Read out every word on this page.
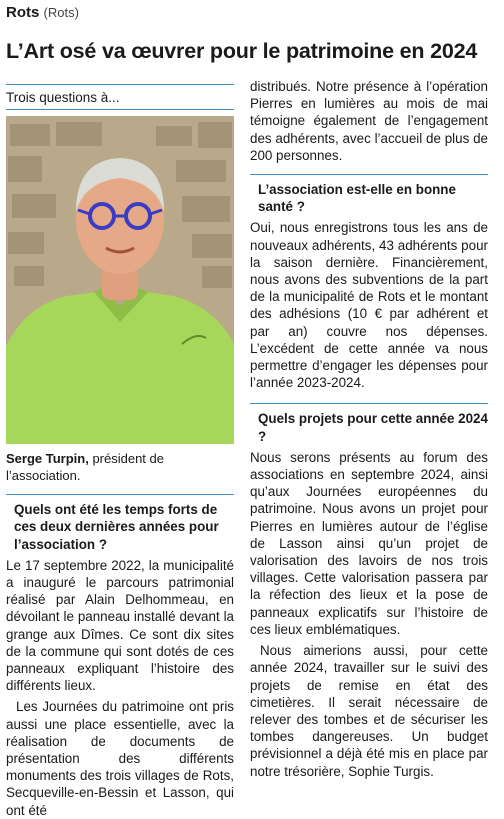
Rots (Rots)
L’Art osé va œuvrer pour le patrimoine en 2024
Trois questions à...
Serge Turpin, président de l’association.
Quels ont été les temps forts de ces deux dernières années pour l’association ?

Le 17 septembre 2022, la municipalité a inauguré le parcours patrimonial réalisé par Alain Delhommeau, en dévoilant le panneau installé devant la grange aux Dîmes. Ce sont dix sites de la commune qui sont dotés de ces panneaux expliquant l’histoire des différents lieux.

Les Journées du patrimoine ont pris aussi une place essentielle, avec la réalisation de documents de présentation des différents monuments des trois villages de Rots, Secqueville-en-Bessin et Lasson, qui ont été

distribués. Notre présence à l’opération Pierres en lumières au mois de mai témoigne également de l’engagement des adhérents, avec l’accueil de plus de 200 personnes.

L’association est-elle en bonne santé ?

Oui, nous enregistrons tous les ans de nouveaux adhérents, 43 adhérents pour la saison dernière. Financièrement, nous avons des subventions de la part de la municipalité de Rots et le montant des adhésions (10 € par adhérent et par an) couvre nos dépenses. L’excédent de cette année va nous permettre d’engager les dépenses pour l’année 2023-2024.

Quels projets pour cette année 2024 ?

Nous serons présents au forum des associations en septembre 2024, ainsi qu’aux Journées européennes du patrimoine. Nous avons un projet pour Pierres en lumières autour de l’église de Lasson ainsi qu’un projet de valorisation des lavoirs de nos trois villages. Cette valorisation passera par la réfection des lieux et la pose de panneaux explicatifs sur l’histoire de ces lieux emblématiques.

Nous aimerions aussi, pour cette année 2024, travailler sur le suivi des projets de remise en état des cimetières. Il serait nécessaire de relever des tombes et de sécuriser les tombes dangereuses. Un budget prévisionnel a déjà été mis en place par notre trésorière, Sophie Turgis.
